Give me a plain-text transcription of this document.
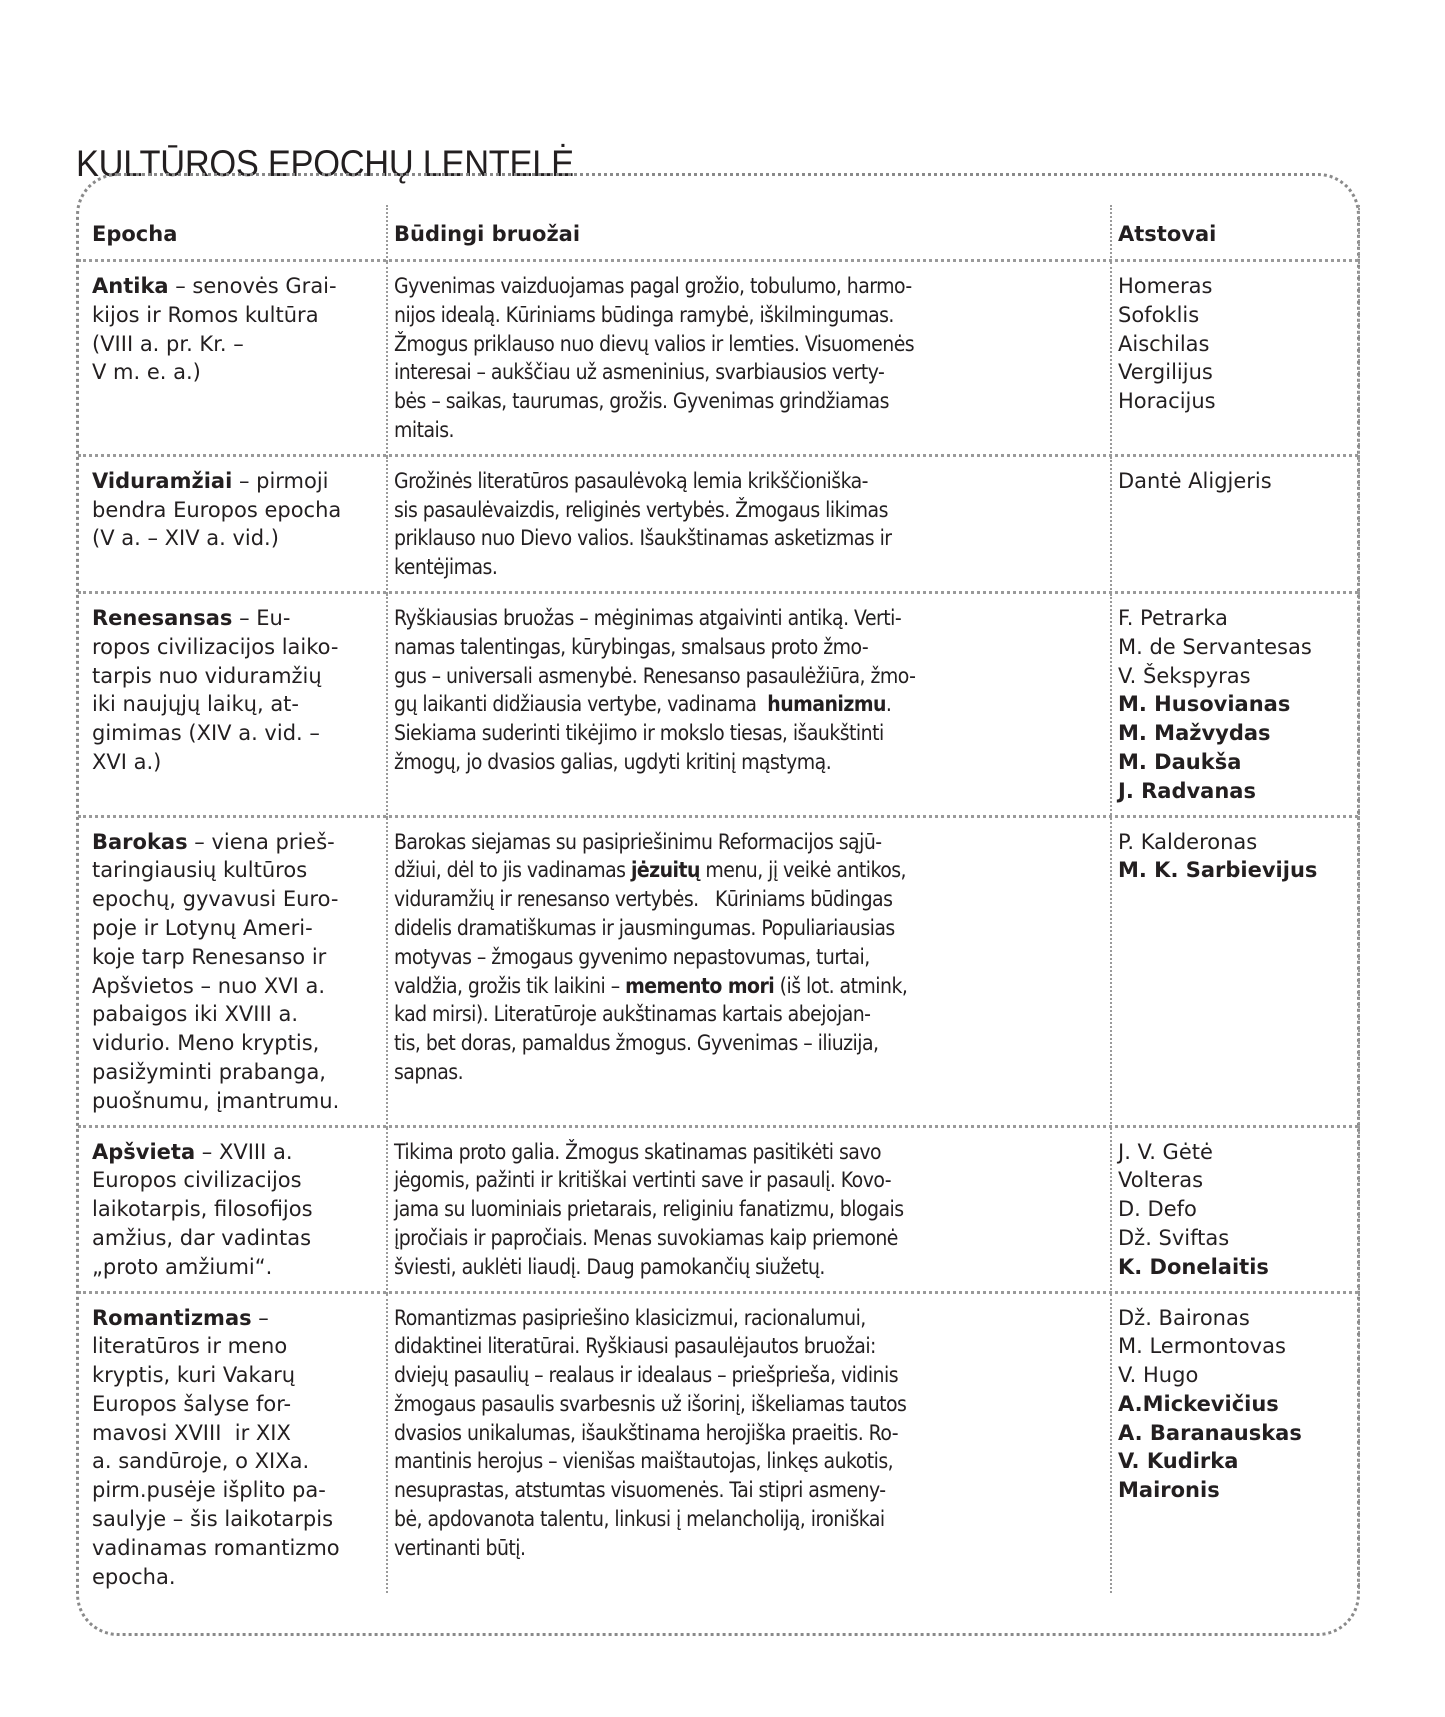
KULTŪROS EPOCHŲ LENTELĖ
Epocha	Būdingi bruožai	Atstovai
Antika – senovės Grai-
kijos ir Romos kultūra
(VIII a. pr. Kr. –
V m. e. a.)
Gyvenimas vaizduojamas pagal grožio, tobulumo, harmo-
nijos idealą. Kūriniams būdinga ramybė, iškilmingumas.
Žmogus priklauso nuo dievų valios ir lemties. Visuomenės
interesai – aukščiau už asmeninius, svarbiausios verty-
bės – saikas, taurumas, grožis. Gyvenimas grindžiamas
mitais.
Homeras
Sofoklis
Aischilas
Vergilijus
Horacijus
Viduramžiai – pirmoji
bendra Europos epocha
(V a. – XIV a. vid.)
Grožinės literatūros pasaulėvoką lemia krikščioniška-
sis pasaulėvaizdis, religinės vertybės. Žmogaus likimas
priklauso nuo Dievo valios. Išaukštinamas asketizmas ir
kentėjimas.
Dantė Aligjeris
Renesansas – Eu-
ropos civilizacijos laiko-
tarpis nuo viduramžių
iki naujųjų laikų, at-
gimimas (XIV a. vid. –
XVI a.)
Ryškiausias bruožas – mėginimas atgaivinti antiką. Verti-
namas talentingas, kūrybingas, smalsaus proto žmo-
gus – universali asmenybė. Renesanso pasaulėžiūra, žmo-
gų laikanti didžiausia vertybe, vadinama  humanizmu.
Siekiama suderinti tikėjimo ir mokslo tiesas, išaukštinti
žmogų, jo dvasios galias, ugdyti kritinį mąstymą.
F. Petrarka
M. de Servantesas
V. Šekspyras
M. Husovianas
M. Mažvydas
M. Daukša
J. Radvanas
Barokas – viena prieš-
taringiausių kultūros
epochų, gyvavusi Euro-
poje ir Lotynų Ameri-
koje tarp Renesanso ir
Apšvietos – nuo XVI a.
pabaigos iki XVIII a.
vidurio. Meno kryptis,
pasižyminti prabanga,
puošnumu, įmantrumu.
Barokas siejamas su pasipriešinimu Reformacijos sąjū-
džiui, dėl to jis vadinamas jėzuitų menu, jį veikė antikos,
viduramžių ir renesanso vertybės.   Kūriniams būdingas
didelis dramatiškumas ir jausmingumas. Populiariausias
motyvas – žmogaus gyvenimo nepastovumas, turtai,
valdžia, grožis tik laikini – memento mori (iš lot. atmink,
kad mirsi). Literatūroje aukštinamas kartais abejojan-
tis, bet doras, pamaldus žmogus. Gyvenimas – iliuzija,
sapnas.
P. Kalderonas
M. K. Sarbievijus
Apšvieta – XVIII a.
Europos civilizacijos
laikotarpis, filosofijos
amžius, dar vadintas
„proto amžiumi“.
Tikima proto galia. Žmogus skatinamas pasitikėti savo
jėgomis, pažinti ir kritiškai vertinti save ir pasaulį. Kovo-
jama su luominiais prietarais, religiniu fanatizmu, blogais
įpročiais ir papročiais. Menas suvokiamas kaip priemonė
šviesti, auklėti liaudį. Daug pamokančių siužetų.
J. V. Gėtė
Volteras
D. Defo
Dž. Sviftas
K. Donelaitis
Romantizmas –
literatūros ir meno
kryptis, kuri Vakarų
Europos šalyse for-
mavosi XVIII  ir XIX
a. sandūroje, o XIXa.
pirm.pusėje išplito pa-
saulyje – šis laikotarpis
vadinamas romantizmo
epocha.
Romantizmas pasipriešino klasicizmui, racionalumui,
didaktinei literatūrai. Ryškiausi pasaulėjautos bruožai:
dviejų pasaulių – realaus ir idealaus – priešprieša, vidinis
žmogaus pasaulis svarbesnis už išorinį, iškeliamas tautos
dvasios unikalumas, išaukštinama herojiška praeitis. Ro-
mantinis herojus – vienišas maištautojas, linkęs aukotis,
nesuprastas, atstumtas visuomenės. Tai stipri asmeny-
bė, apdovanota talentu, linkusi į melancholiją, ironiškai
vertinanti būtį.
Dž. Baironas
M. Lermontovas
V. Hugo
A.Mickevičius
A. Baranauskas
V. Kudirka
Maironis
